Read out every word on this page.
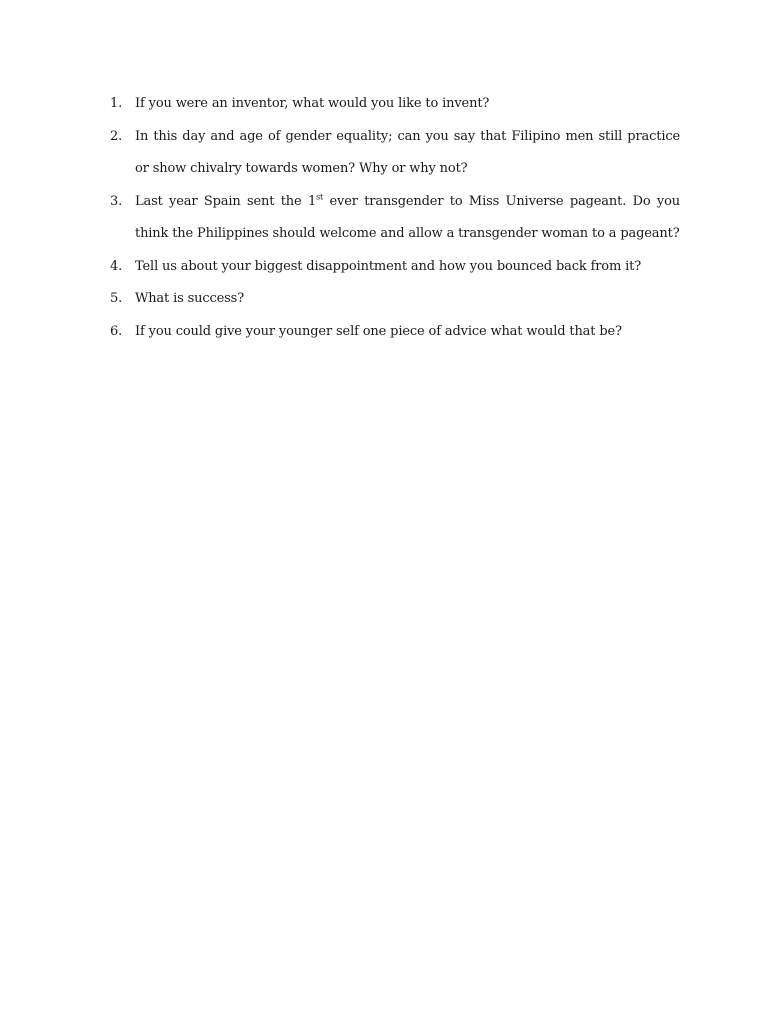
1. If you were an inventor, what would you like to invent?
2. In this day and age of gender equality; can you say that Filipino men still practice or show chivalry towards women? Why or why not?
3. Last year Spain sent the 1st ever transgender to Miss Universe pageant. Do you think the Philippines should welcome and allow a transgender woman to a pageant?
4. Tell us about your biggest disappointment and how you bounced back from it?
5. What is success?
6. If you could give your younger self one piece of advice what would that be?
